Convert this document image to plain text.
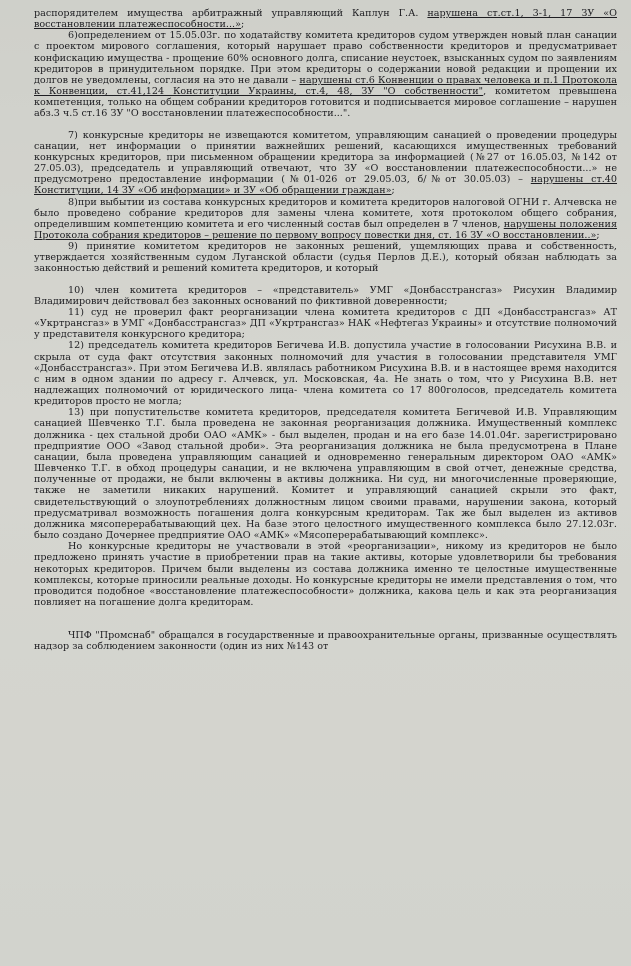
распорядителем имущества арбитражный управляющий Каплун Г.А. нарушена ст.ст.1, 3-1, 17 ЗУ «О восстановлении платежеспособности...»;

6)определением от 15.05.03г. по ходатайству комитета кредиторов судом утвержден новый план санации с проектом мирового соглашения, который нарушает право собственности кредиторов и предусматривает конфискацию имущества - прощение 60% основного долга, списание неустоек, взысканных судом по заявлениям кредиторов в принудительном порядке. При этом кредиторы о содержании новой редакции и прощении их долгов не уведомлены, согласия на это не давали – нарушены ст.6 Конвенции о правах человека и п.1 Протокола к Конвенции, ст.41,124 Конституции Украины, ст.4, 48, ЗУ "О собственности", комитетом превышена компетенция, только на общем собрании кредиторов готовится и подписывается мировое соглашение – нарушен абз.3 ч.5 ст.16 ЗУ "О восстановлении платежеспособности...".

7) конкурсные кредиторы не извещаются комитетом, управляющим санацией о проведении процедуры санации, нет информации о принятии важнейших решений, касающихся имущественных требований конкурсных кредиторов, при письменном обращении кредитора за информацией (№27 от 16.05.03, №142 от 27.05.03), председатель и управляющий отвечают, что ЗУ «О восстановлении платежеспособности...» не предусмотрено предоставление информации (№01-026 от 29.05.03, б/№от 30.05.03) – нарушены ст.40 Конституции, 14 ЗУ «Об информации» и ЗУ «Об обращении граждан»;

8)при выбытии из состава конкурсных кредиторов и комитета кредиторов налоговой ОГНИ г. Алчевска не было проведено собрание кредиторов для замены члена комитете, хотя протоколом общего собрания, определившим компетенцию комитета и его численный состав был определен в 7 членов, нарушены положения Протокола собрания кредиторов – решение по первому вопросу повестки дня, ст. 16 ЗУ «О восстановлении..»;

9) принятие комитетом кредиторов не законных решений, ущемляющих права и собственность, утверждается хозяйственным судом Луганской области (судья Перлов Д.Е.), который обязан наблюдать за законностью действий и решений комитета кредиторов, и который

10) член комитета кредиторов – «представитель» УМГ «Донбасстрансгаз» Рисухин Владимир Владимирович действовал без законных оснований по фиктивной доверенности;

11) суд не проверил факт реорганизации члена комитета кредиторов с ДП «Донбасстрансгаз» АТ «Укртрансгаз» в УМГ «Донбасстрансгаз» ДП «Укртрансгаз» НАК «Нефтегаз Украины» и отсутствие полномочий у представителя конкурсного кредитора;

12) председатель комитета кредиторов Бегичева И.В. допустила участие в голосовании Рисухина В.В. и скрыла от суда факт отсутствия законных полномочий для участия в голосовании представителя УМГ «Донбасстрансгаз». При этом Бегичева И.В. являлась работником Рисухина В.В. и в настоящее время находится с ним в одном здании по адресу г. Алчевск, ул. Московская, 4а. Не знать о том, что у Рисухина В.В. нет надлежащих полномочий от юридического лица- члена комитета со 17 800голосов, председатель комитета кредиторов просто не могла;

13) при попустительстве комитета кредиторов, председателя комитета Бегичевой И.В. Управляющим санацией Шевченко Т.Г. была проведена не законная реорганизация должника. Имущественный комплекс должника - цех стальной дроби ОАО «АМК» - был выделен, продан и на его базе 14.01.04г. зарегистрировано предприятие ООО «Завод стальной дроби». Эта реорганизация должника не была предусмотрена в Плане санации, была проведена управляющим санацией и одновременно генеральным директором ОАО «АМК» Шевченко Т.Г. в обход процедуры санации, и не включена управляющим в свой отчет, денежные средства, полученные от продажи, не были включены в активы должника. Ни суд, ни многочисленные проверяющие, также не заметили никаких нарушений. Комитет и управляющий санацией скрыли это факт, свидетельствующий о злоупотреблениях должностным лицом своими правами, нарушении закона, который предусматривал возможность погашения долга конкурсным кредиторам. Так же был выделен из активов должника мясоперерабатывающий цех. На базе этого целостного имущественного комплекса было 27.12.03г. было создано Дочернее предприятие ОАО «АМК» «Мясоперерабатывающий комплекс».

Но конкурсные кредиторы не участвовали в этой «реорганизации», никому из кредиторов не было предложено принять участие в приобретении прав на такие активы, которые удовлетворили бы требования некоторых кредиторов. Причем были выделены из состава должника именно те целостные имущественные комплексы, которые приносили реальные доходы. Но конкурсные кредиторы не имели представления о том, что проводится подобное «восстановление платежеспособности» должника, какова цель и как эта реорганизация повлияет на погашение долга кредиторам.

ЧПФ "Промснаб" обращался в государственные и правоохранительные органы, призванные осуществлять надзор за соблюдением законности (один из них №143 от
